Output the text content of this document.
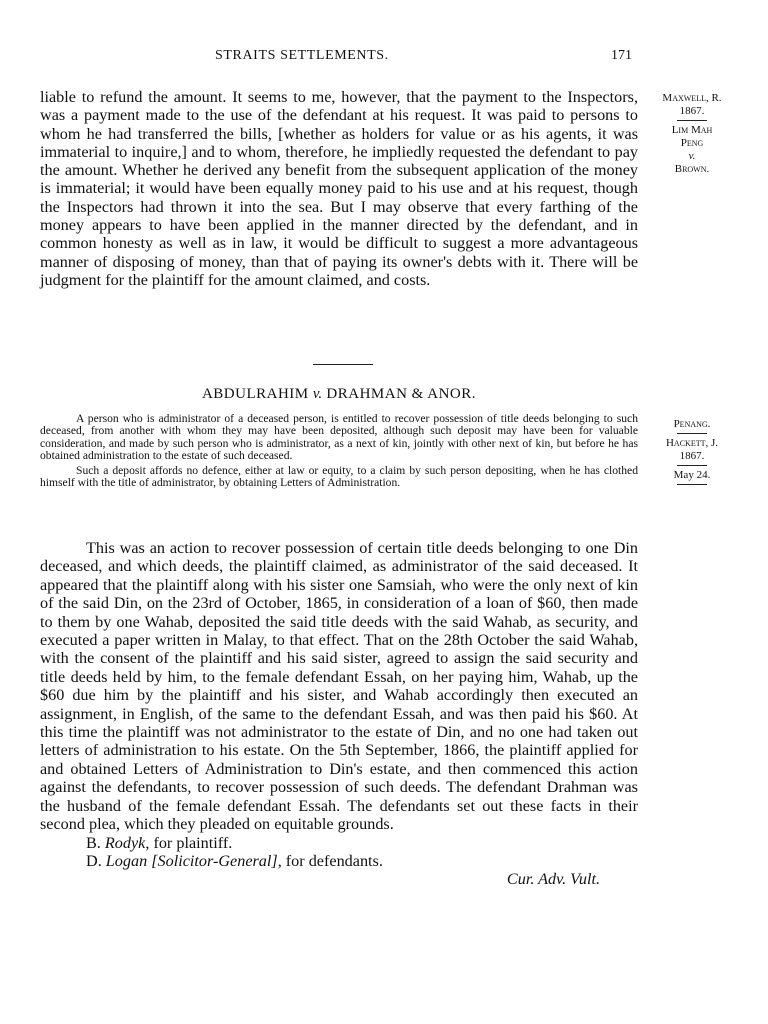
STRAITS SETTLEMENTS.	171

liable to refund the amount. It seems to me, however, that the payment to the Inspectors, was a payment made to the use of the defendant at his request. It was paid to persons to whom he had transferred the bills, [whether as holders for value or as his agents, it was immaterial to inquire,] and to whom, therefore, he impliedly requested the defendant to pay the amount. Whether he derived any benefit from the subsequent application of the money is immaterial; it would have been equally money paid to his use and at his request, though the Inspectors had thrown it into the sea. But I may observe that every farthing of the money appears to have been applied in the manner directed by the defendant, and in common honesty as well as in law, it would be difficult to suggest a more advantageous manner of disposing of money, than that of paying its owner's debts with it. There will be judgment for the plaintiff for the amount claimed, and costs.

Maxwell, R.
1867.
Lim Mah
Peng
v.
Brown.
ABDULRAHIM v. DRAHMAN & ANOR.

A person who is administrator of a deceased person, is entitled to recover possession of title deeds belonging to such deceased, from another with whom they may have been deposited, although such deposit may have been for valuable consideration, and made by such person who is administrator, as a next of kin, jointly with other next of kin, but before he has obtained administration to the estate of such deceased.

Such a deposit affords no defence, either at law or equity, to a claim by such person depositing, when he has clothed himself with the title of administrator, by obtaining Letters of Administration.

Penang.
Hackett, J.
1867.
May 24.

This was an action to recover possession of certain title deeds belonging to one Din deceased, and which deeds, the plaintiff claimed, as administrator of the said deceased. It appeared that the plaintiff along with his sister one Samsiah, who were the only next of kin of the said Din, on the 23rd of October, 1865, in consideration of a loan of $60, then made to them by one Wahab, deposited the said title deeds with the said Wahab, as security, and executed a paper written in Malay, to that effect. That on the 28th October the said Wahab, with the consent of the plaintiff and his said sister, agreed to assign the said security and title deeds held by him, to the female defendant Essah, on her paying him, Wahab, up the $60 due him by the plaintiff and his sister, and Wahab accordingly then executed an assignment, in English, of the same to the defendant Essah, and was then paid his $60. At this time the plaintiff was not administrator to the estate of Din, and no one had taken out letters of administration to his estate. On the 5th September, 1866, the plaintiff applied for and obtained Letters of Administration to Din's estate, and then commenced this action against the defendants, to recover possession of such deeds. The defendant Drahman was the husband of the female defendant Essah. The defendants set out these facts in their second plea, which they pleaded on equitable grounds.

B. Rodyk, for plaintiff.

D. Logan [Solicitor-General], for defendants.

Cur. Adv. Vult.
